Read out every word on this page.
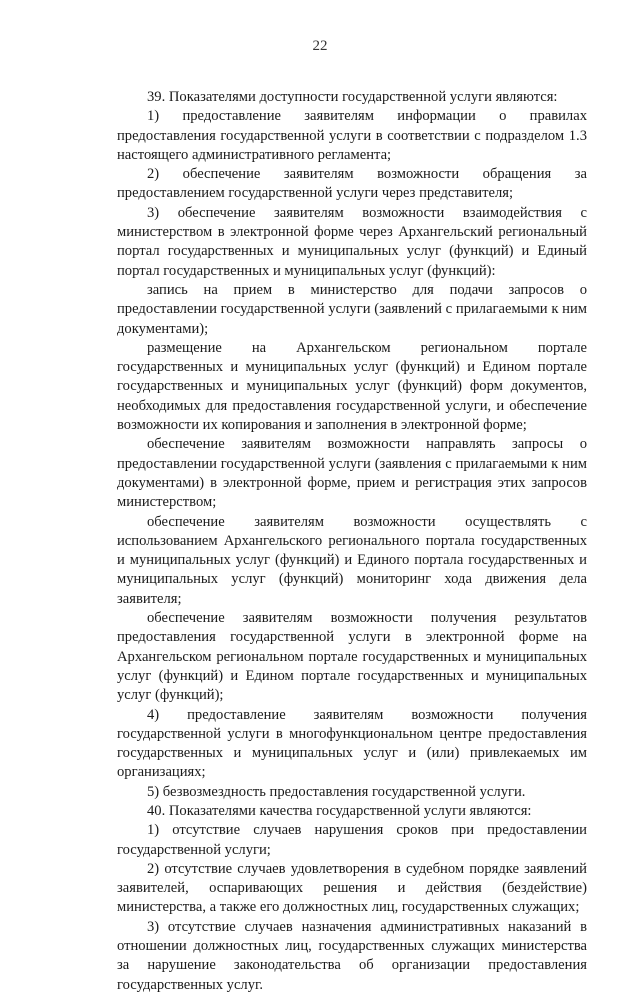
22

39. Показателями доступности государственной услуги являются:

1) предоставление заявителям информации о правилах предоставления государственной услуги в соответствии с подразделом 1.3 настоящего административного регламента;

2) обеспечение заявителям возможности обращения за предоставлением государственной услуги через представителя;

3) обеспечение заявителям возможности взаимодействия с министерством в электронной форме через Архангельский региональный портал государственных и муниципальных услуг (функций) и Единый портал государственных и муниципальных услуг (функций):

запись на прием в министерство для подачи запросов о предоставлении государственной услуги (заявлений с прилагаемыми к ним документами);

размещение на Архангельском региональном портале государственных и муниципальных услуг (функций) и Едином портале государственных и муниципальных услуг (функций) форм документов, необходимых для предоставления государственной услуги, и обеспечение возможности их копирования и заполнения в электронной форме;

обеспечение заявителям возможности направлять запросы о предоставлении государственной услуги (заявления с прилагаемыми к ним документами) в электронной форме, прием и регистрация этих запросов министерством;

обеспечение заявителям возможности осуществлять с использованием Архангельского регионального портала государственных и муниципальных услуг (функций) и Единого портала государственных и муниципальных услуг (функций) мониторинг хода движения дела заявителя;

обеспечение заявителям возможности получения результатов предоставления государственной услуги в электронной форме на Архангельском региональном портале государственных и муниципальных услуг (функций) и Едином портале государственных и муниципальных услуг (функций);

4) предоставление заявителям возможности получения государственной услуги в многофункциональном центре предоставления государственных и муниципальных услуг и (или) привлекаемых им организациях;

5) безвозмездность предоставления государственной услуги.

40. Показателями качества государственной услуги являются:

1) отсутствие случаев нарушения сроков при предоставлении государственной услуги;

2) отсутствие случаев удовлетворения в судебном порядке заявлений заявителей, оспаривающих решения и действия (бездействие) министерства, а также его должностных лиц, государственных служащих;

3) отсутствие случаев назначения административных наказаний в отношении должностных лиц, государственных служащих министерства за нарушение законодательства об организации предоставления государственных услуг.
